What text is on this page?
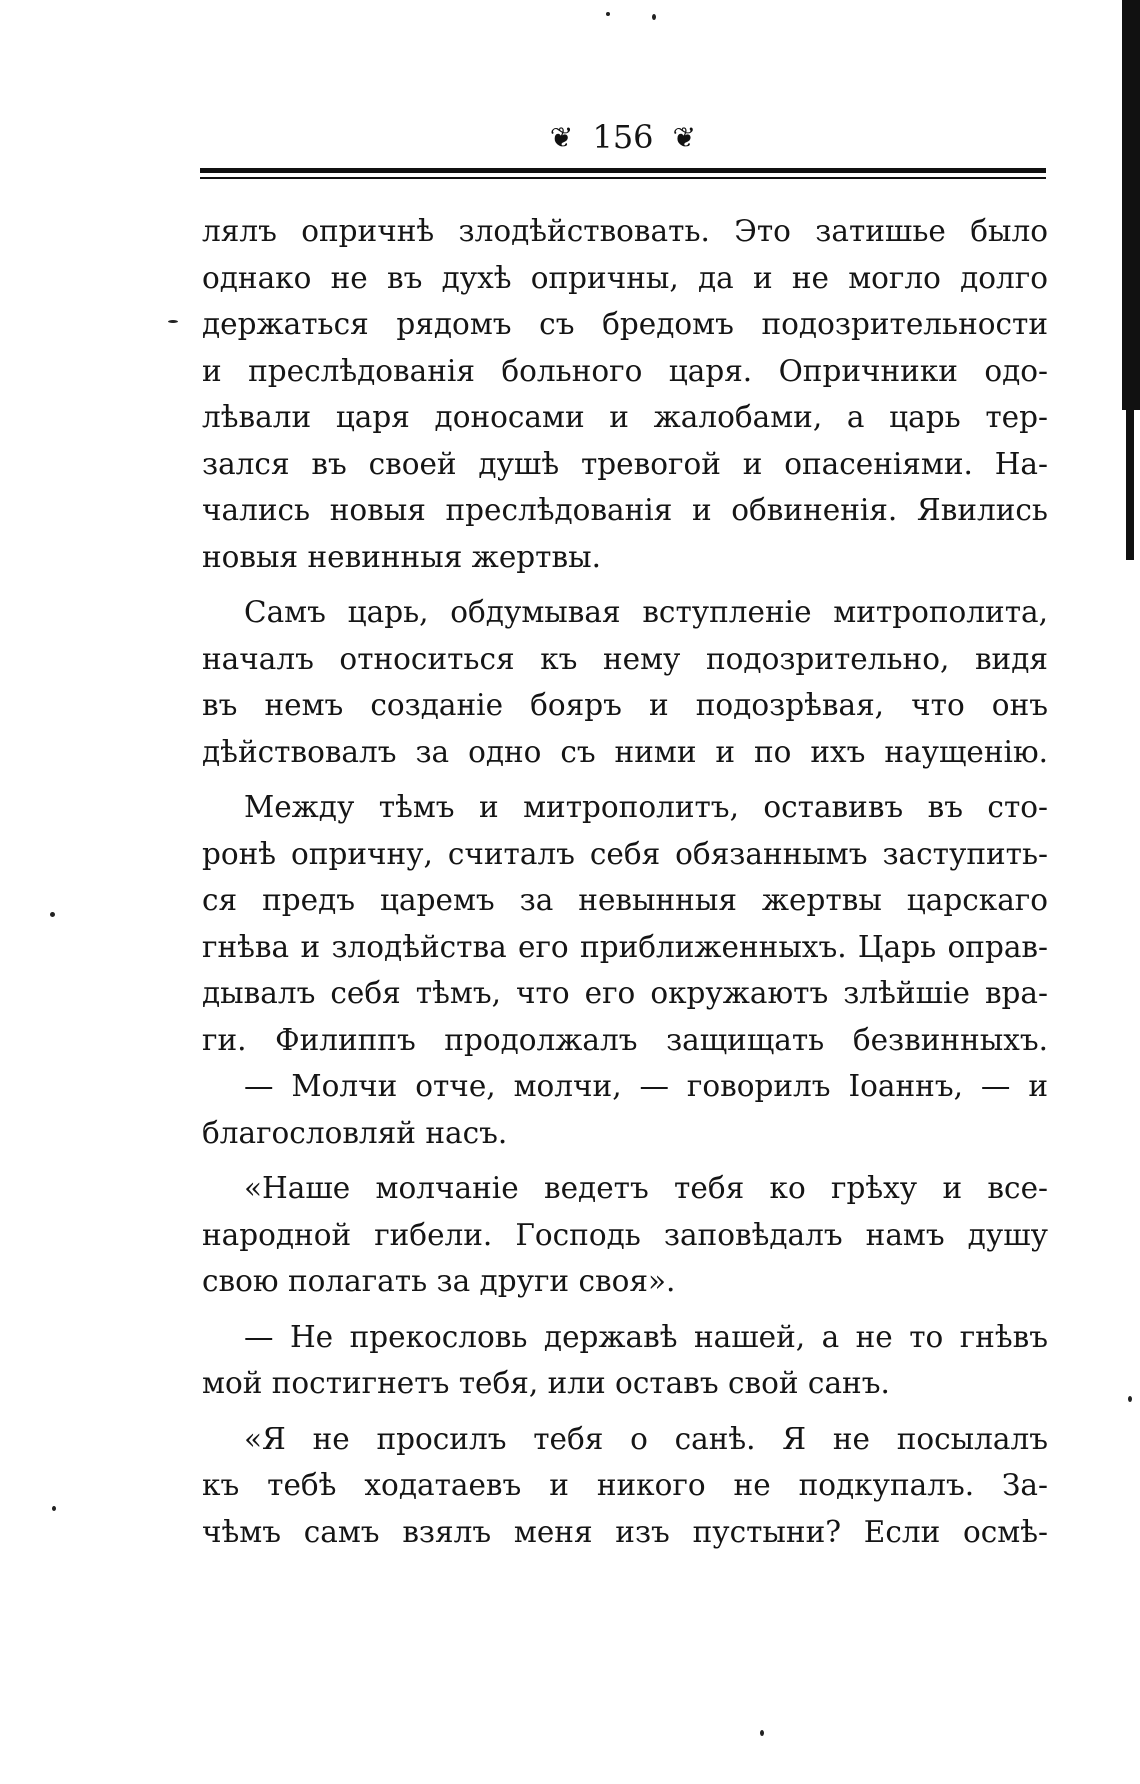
❦ 156 ❦
лялъ опричнѣ злодѣйствовать. Это затишье было
однако не въ духѣ опричны, да и не могло долго
держаться рядомъ съ бредомъ подозрительности
и преслѣдованія больного царя. Опричники одо-
лѣвали царя доносами и жалобами, а царь тер-
зался въ своей душѣ тревогой и опасеніями. На-
чались новыя преслѣдованія и обвиненія. Явились
новыя невинныя жертвы.
Самъ царь, обдумывая вступленіе митрополита,
началъ относиться къ нему подозрительно, видя
въ немъ созданіе бояръ и подозрѣвая, что онъ
дѣйствовалъ за одно съ ними и по ихъ наущенію.
Между тѣмъ и митрополитъ, оставивъ въ сто-
ронѣ опричну, считалъ себя обязаннымъ заступить-
ся предъ царемъ за невынныя жертвы царскаго
гнѣва и злодѣйства его приближенныхъ. Царь оправ-
дывалъ себя тѣмъ, что его окружаютъ злѣйшіе вра-
ги. Филиппъ продолжалъ защищать безвинныхъ.
— Молчи отче, молчи, — говорилъ Іоаннъ, — и
благословляй насъ.
«Наше молчаніе ведетъ тебя ко грѣху и все-
народной гибели. Господь заповѣдалъ намъ душу
свою полагать за други своя».
— Не прекословь державѣ нашей, а не то гнѣвъ
мой постигнетъ тебя, или оставъ свой санъ.
«Я не просилъ тебя о санѣ. Я не посылалъ
къ тебѣ ходатаевъ и никого не подкупалъ. За-
чѣмъ самъ взялъ меня изъ пустыни? Если осмѣ-
